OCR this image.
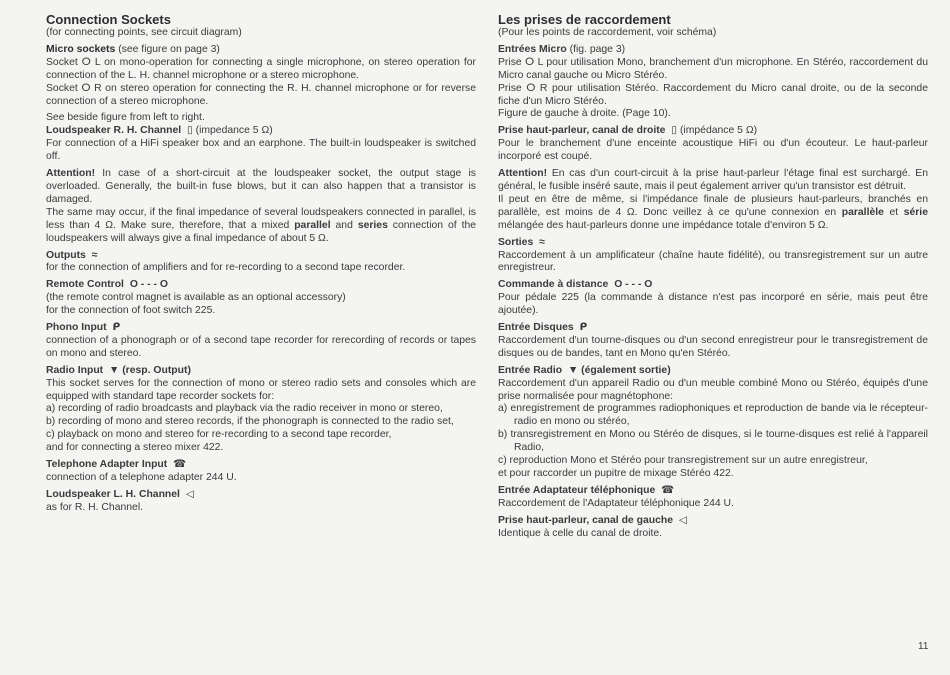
Connection Sockets

(for connecting points, see circuit diagram)

Micro sockets (see figure on page 3)

Socket ⵔ L on mono-operation for connecting a single microphone, on stereo operation for connection of the L. H. channel microphone or a stereo microphone.

Socket ⵔ R on stereo operation for connecting the R. H. channel microphone or for reverse connection of a stereo microphone.

See beside figure from left to right.

Loudspeaker R. H. Channel ▯ (impedance 5 Ω)

For connection of a HiFi speaker box and an earphone. The built-in loudspeaker is switched off.

Attention! In case of a short-circuit at the loudspeaker socket, the output stage is overloaded. Generally, the built-in fuse blows, but it can also happen that a transistor is damaged.

The same may occur, if the final impedance of several loudspeakers connected in parallel, is less than 4 Ω. Make sure, therefore, that a mixed parallel and series connection of the loudspeakers will always give a final impedance of about 5 Ω.

Outputs ≈

for the connection of amplifiers and for re-recording to a second tape recorder.

Remote Control O - - - O

(the remote control magnet is available as an optional accessory)

for the connection of foot switch 225.

Phono Input ᑭ

connection of a phonograph or of a second tape recorder for rerecording of records or tapes on mono and stereo.

Radio Input ▼ (resp. Output)

This socket serves for the connection of mono or stereo radio sets and consoles which are equipped with standard tape recorder sockets for:

a) recording of radio broadcasts and playback via the radio receiver in mono or stereo,

b) recording of mono and stereo records, if the phonograph is connected to the radio set,

c) playback on mono and stereo for re-recording to a second tape recorder,

and for connecting a stereo mixer 422.

Telephone Adapter Input ☎

connection of a telephone adapter 244 U.

Loudspeaker L. H. Channel ◁

as for R. H. Channel.

Les prises de raccordement

(Pour les points de raccordement, voir schéma)

Entrées Micro (fig. page 3)

Prise ⵔ L pour utilisation Mono, branchement d'un microphone. En Stéréo, raccordement du Micro canal gauche ou Micro Stéréo.

Prise ⵔ R pour utilisation Stéréo. Raccordement du Micro canal droite, ou de la seconde fiche d'un Micro Stéréo.

Figure de gauche à droite. (Page 10).

Prise haut-parleur, canal de droite ▯ (impédance 5 Ω)

Pour le branchement d'une enceinte acoustique HiFi ou d'un écouteur. Le haut-parleur incorporé est coupé.

Attention! En cas d'un court-circuit à la prise haut-parleur l'étage final est surchargé. En général, le fusible inséré saute, mais il peut également arriver qu'un transistor est détruit.

Il peut en être de même, si l'impédance finale de plusieurs haut-parleurs, branchés en parallèle, est moins de 4 Ω. Donc veillez à ce qu'une connexion en parallèle et série mélangée des haut-parleurs donne une impédance totale d'environ 5 Ω.

Sorties ≈

Raccordement à un amplificateur (chaîne haute fidélité), ou transregistrement sur un autre enregistreur.

Commande à distance O - - - O

Pour pédale 225 (la commande à distance n'est pas incorporé en série, mais peut être ajoutée).

Entrée Disques ᑭ

Raccordement d'un tourne-disques ou d'un second enregistreur pour le transregistrement de disques ou de bandes, tant en Mono qu'en Stéréo.

Entrée Radio ▼ (également sortie)

Raccordement d'un appareil Radio ou d'un meuble combiné Mono ou Stéréo, équipés d'une prise normalisée pour magnétophone:

a) enregistrement de programmes radiophoniques et reproduction de bande via le récepteur-radio en mono ou stéréo,

b) transregistrement en Mono ou Stéréo de disques, si le tourne-disques est relié à l'appareil Radio,

c) reproduction Mono et Stéréo pour transregistrement sur un autre enregistreur,

et pour raccorder un pupitre de mixage Stéréo 422.

Entrée Adaptateur téléphonique ☎

Raccordement de l'Adaptateur téléphonique 244 U.

Prise haut-parleur, canal de gauche ◁

Identique à celle du canal de droite.

11
